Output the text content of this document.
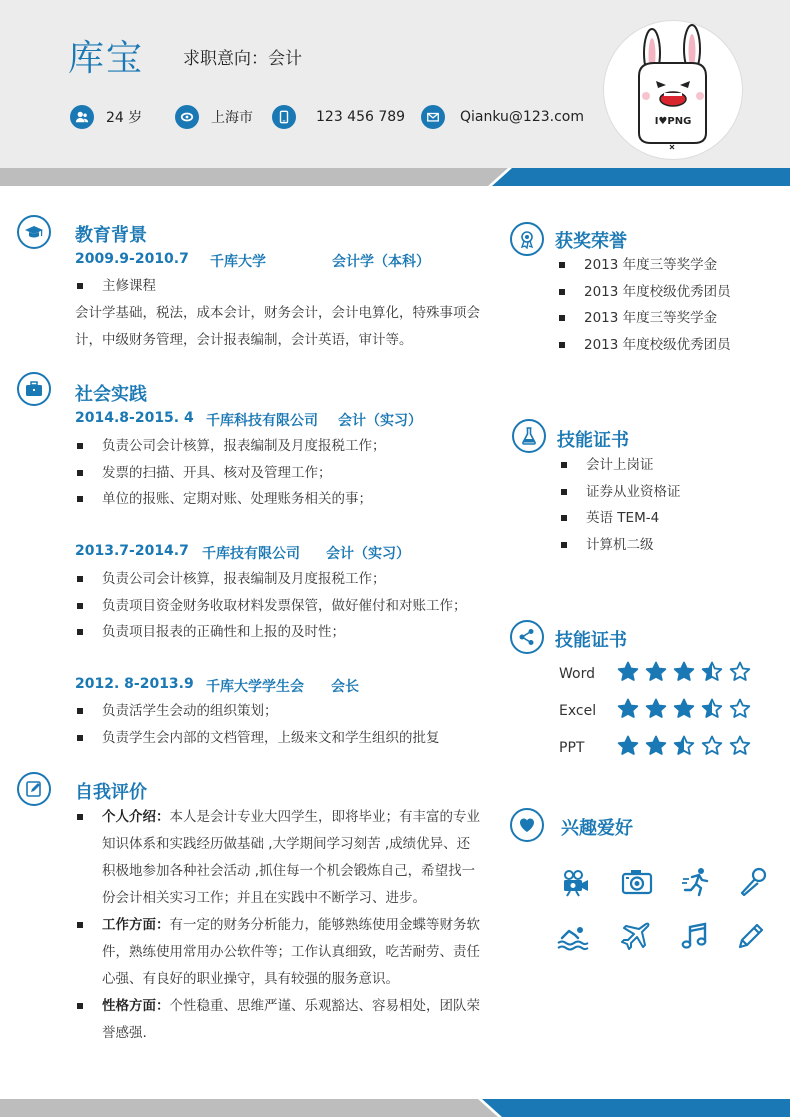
库宝 求职意向：会计
24 岁	上海市	123 456 789	Qianku@123.com	I♥PNG
教育背景
2009.9-2010.7 千库大学	会计学（本科）
主修课程
会计学基础，税法，成本会计，财务会计，会计电算化，特殊事项会计，中级财务管理，会计报表编制，会计英语，审计等。
社会实践
2014.8-2015. 4 千库科技有限公司 会计（实习）
负责公司会计核算，报表编制及月度报税工作；
发票的扫描、开具、核对及管理工作；
单位的报账、定期对账、处理账务相关的事；
2013.7-2014.7 千库技有限公司 会计（实习）
负责公司会计核算，报表编制及月度报税工作；
负责项目资金财务收取材料发票保管，做好催付和对账工作；
负责项目报表的正确性和上报的及时性；
2012. 8-2013.9 千库大学学生会 会长
负责活学生会动的组织策划；
负责学生会内部的文档管理，上级来文和学生组织的批复
自我评价
个人介绍：本人是会计专业大四学生，即将毕业；有丰富的专业知识体系和实践经历做基础 ,大学期间学习刻苦 ,成绩优异、还积极地参加各种社会活动 ,抓住每一个机会锻炼自己，希望找一份会计相关实习工作；并且在实践中不断学习、进步。
工作方面：有一定的财务分析能力，能够熟练使用金蝶等财务软件，熟练使用常用办公软件等；工作认真细致，吃苦耐劳、责任心强、有良好的职业操守，具有较强的服务意识。
性格方面：个性稳重、思维严谨、乐观豁达、容易相处，团队荣誉感强.
获奖荣誉
2013 年度三等奖学金
2013 年度校级优秀团员
2013 年度三等奖学金
2013 年度校级优秀团员
技能证书
会计上岗证
证券从业资格证
英语 TEM-4
计算机二级
技能证书
Word
Excel
PPT
兴趣爱好
